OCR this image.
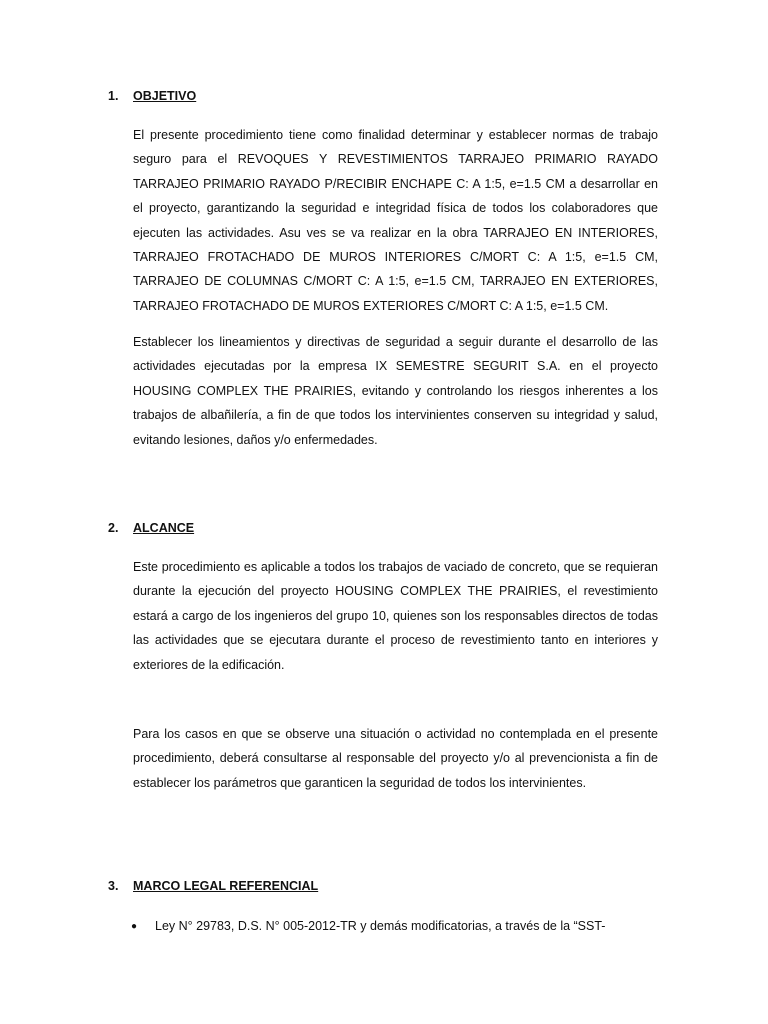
1. OBJETIVO

El presente procedimiento tiene como finalidad determinar y establecer normas de trabajo seguro para el REVOQUES Y REVESTIMIENTOS TARRAJEO PRIMARIO RAYADO TARRAJEO PRIMARIO RAYADO P/RECIBIR ENCHAPE C: A 1:5, e=1.5 CM a desarrollar en el proyecto, garantizando la seguridad e integridad física de todos los colaboradores que ejecuten las actividades. Asu ves se va realizar en la obra TARRAJEO EN INTERIORES, TARRAJEO FROTACHADO DE MUROS INTERIORES C/MORT C: A 1:5, e=1.5 CM, TARRAJEO DE COLUMNAS C/MORT C: A 1:5, e=1.5 CM, TARRAJEO EN EXTERIORES, TARRAJEO FROTACHADO DE MUROS EXTERIORES C/MORT C: A 1:5, e=1.5 CM.

Establecer los lineamientos y directivas de seguridad a seguir durante el desarrollo de las actividades ejecutadas por la empresa IX SEMESTRE SEGURIT S.A. en el proyecto HOUSING COMPLEX THE PRAIRIES, evitando y controlando los riesgos inherentes a los trabajos de albañilería, a fin de que todos los intervinientes conserven su integridad y salud, evitando lesiones, daños y/o enfermedades.

2. ALCANCE

Este procedimiento es aplicable a todos los trabajos de vaciado de concreto, que se requieran durante la ejecución del proyecto HOUSING COMPLEX THE PRAIRIES, el revestimiento estará a cargo de los ingenieros del grupo 10, quienes son los responsables directos de todas las actividades que se ejecutara durante el proceso de revestimiento tanto en interiores y exteriores de la edificación.

Para los casos en que se observe una situación o actividad no contemplada en el presente procedimiento, deberá consultarse al responsable del proyecto y/o al prevencionista a fin de establecer los parámetros que garanticen la seguridad de todos los intervinientes.

3. MARCO LEGAL REFERENCIAL
● Ley N° 29783, D.S. N° 005-2012-TR y demás modificatorias, a través de la “SST-
